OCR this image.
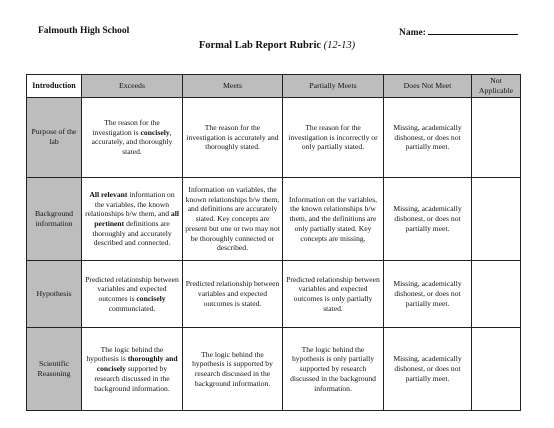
Falmouth High School	Name:
Formal Lab Report Rubric (12-13)
Introduction	Exceeds	Meets	Partially Meets	Does Not Meet	Not Applicable
Purpose of the lab	The reason for the investigation is concisely, accurately, and thoroughly stated.	The reason for the investigation is accurately and thoroughly stated.	The reason for the investigation is incorrectly or only partially stated.	Missing, academically dishonest, or does not partially meet.	
Background information	All relevant information on the variables, the known relationships b/w them, and all pertinent definitions are thoroughly and accurately described and connected.	Information on variables, the known relationships b/w them, and definitions are accurately stated. Key concepts are present but one or two may not be thoroughly connected or described.	Information on the variables, the known relationships b/w them, and the definitions are only partially stated. Key concepts are missing.	Missing, academically dishonest, or does not partially meet.	
Hypothesis	Predicted relationship between variables and expected outcomes is concisely communciated.	Predicted relationship between variables and expected outcomes is stated.	Predicted relationship between variables and expected outcomes is only partially stated.	Missing, academically dishonest, or does not partially meet.	
Scientific Reasoning	The logic behind the hypothesis is thoroughly and concisely supported by research discussed in the background information.	The logic behind the hypothesis is supported by research discussed in the background information.	The logic behind the hypothesis is only partially supported by research discussed in the background information.	Missing, academically dishonest, or does not partially meet.	
